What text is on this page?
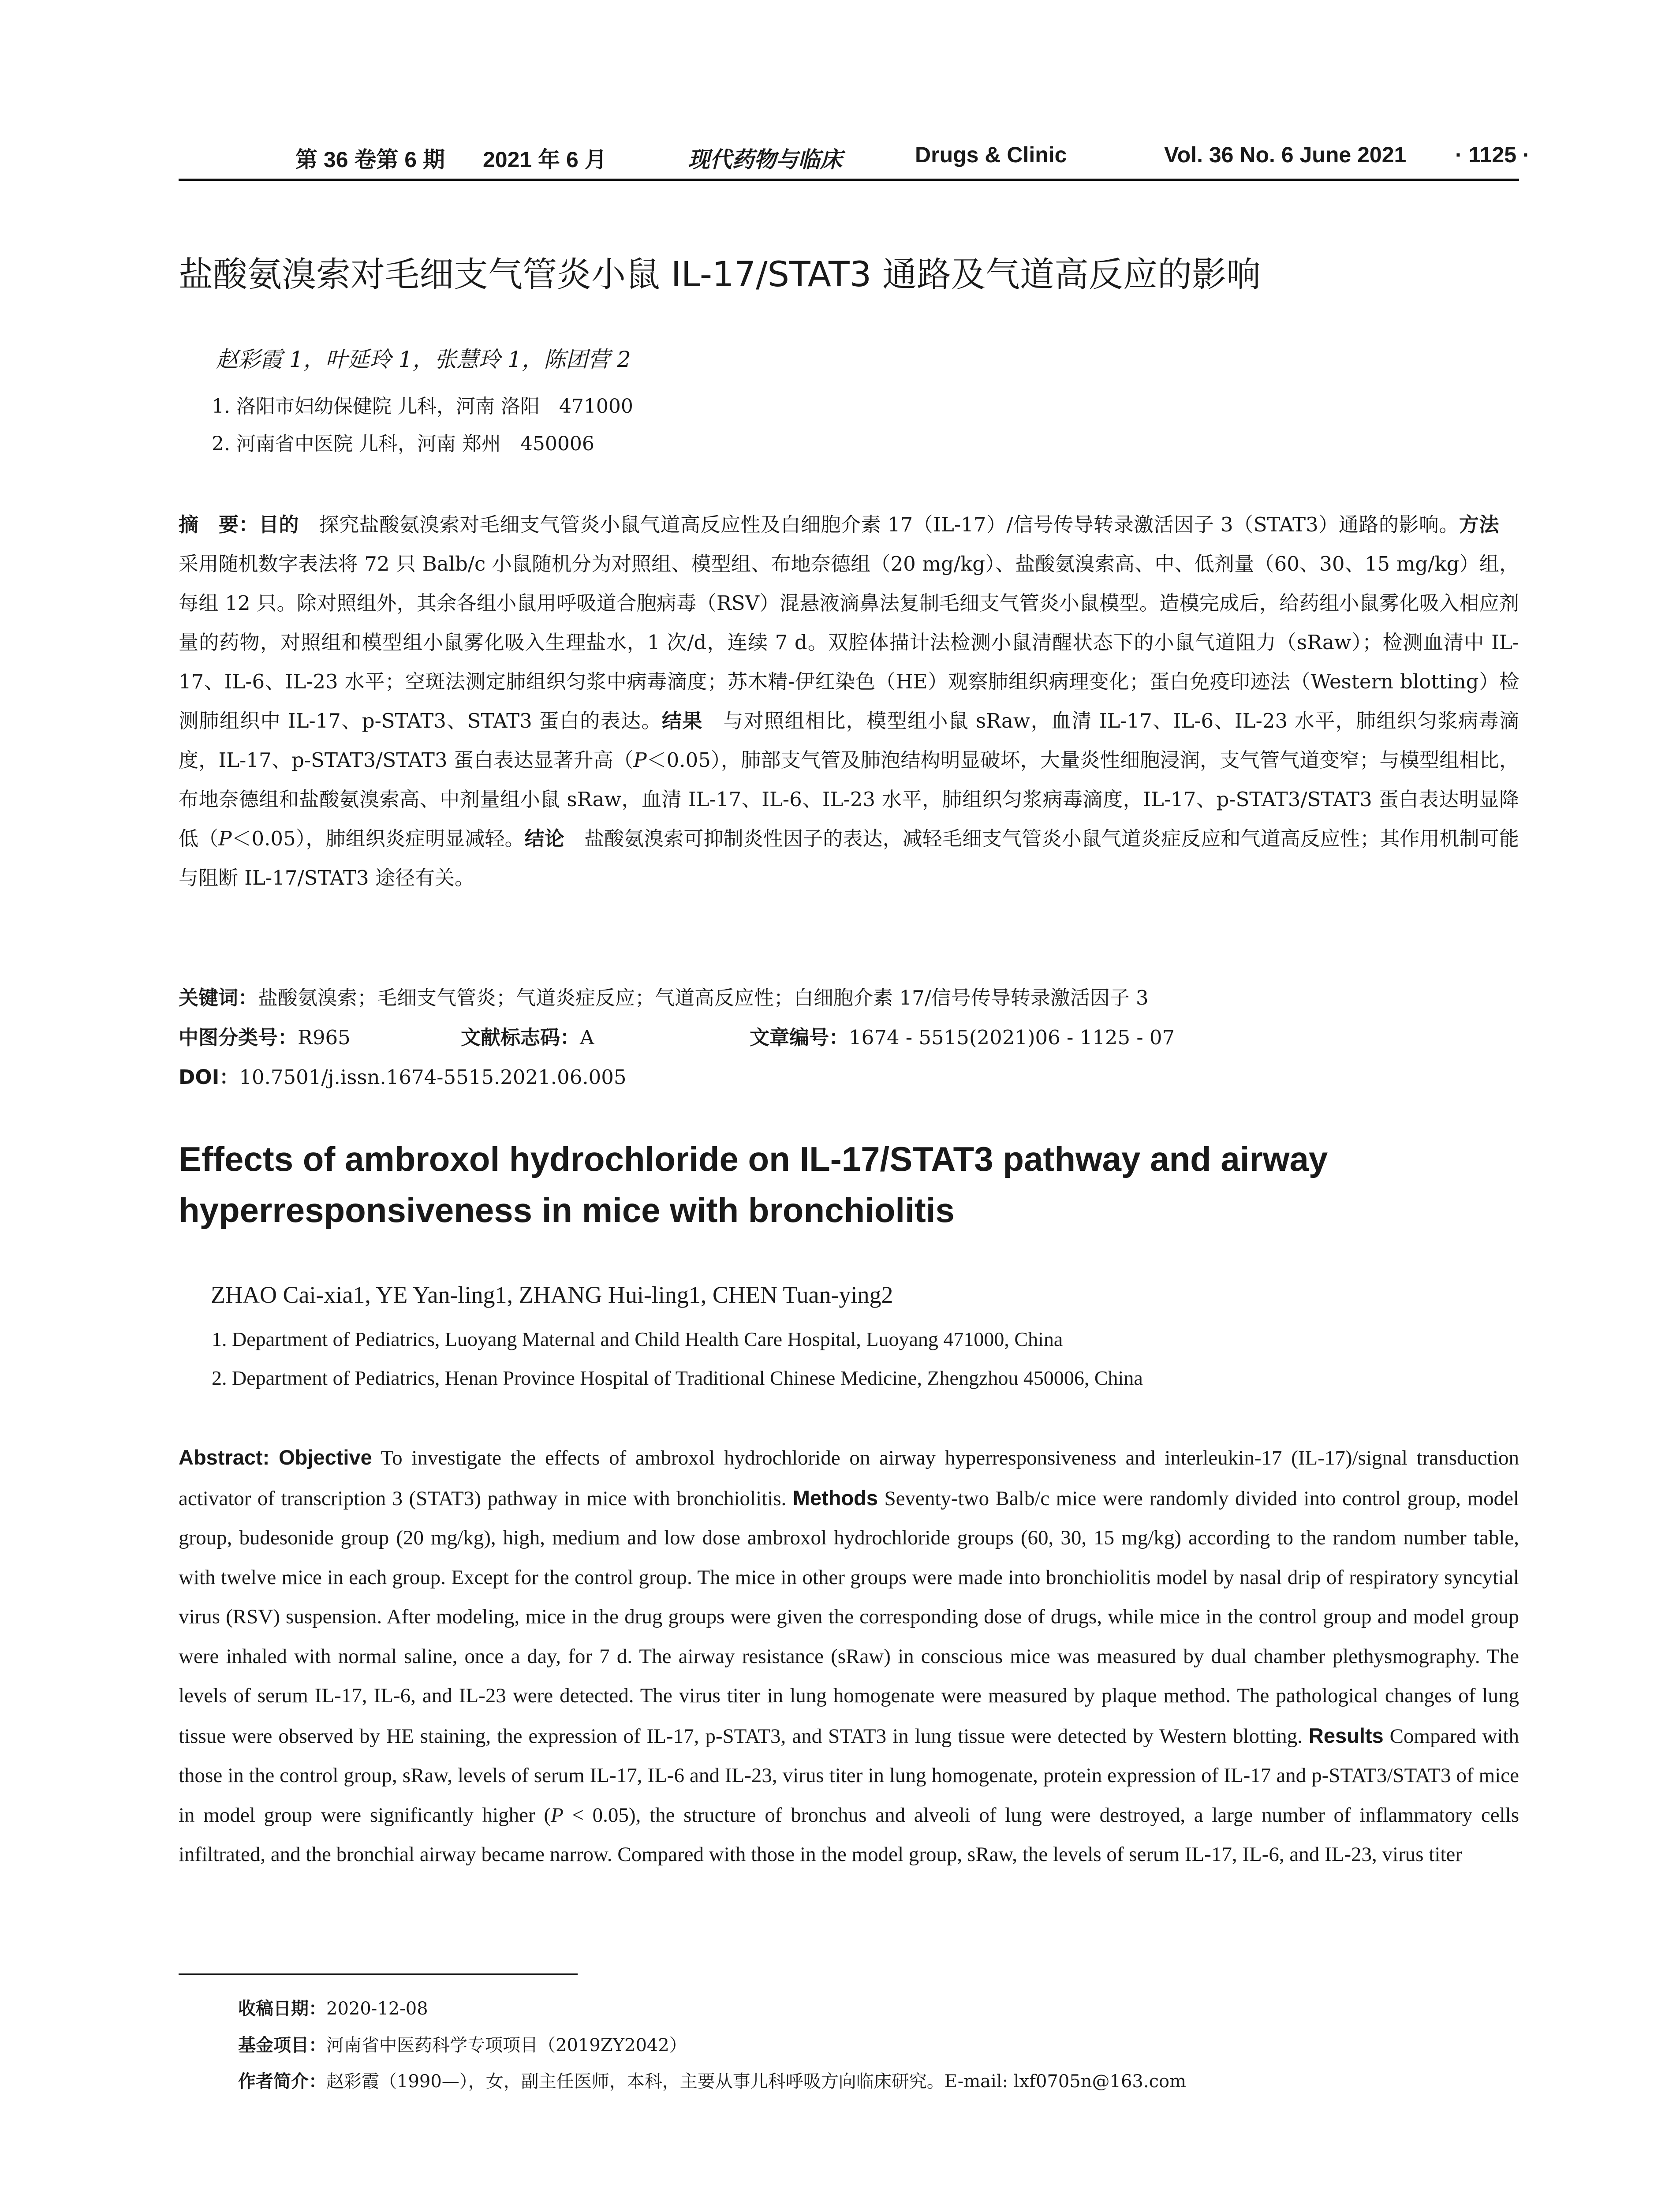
第 36 卷第 6 期 2021 年 6 月	现代药物与临床	Drugs & Clinic	Vol. 36 No. 6 June 2021 · 1125 ·
盐酸氨溴索对毛细支气管炎小鼠 IL-17/STAT3 通路及气道高反应的影响
赵彩霞 1，叶延玲 1，张慧玲 1，陈团营 2
1. 洛阳市妇幼保健院 儿科，河南 洛阳　471000
2. 河南省中医院 儿科，河南 郑州　450006
摘　要：目的　探究盐酸氨溴索对毛细支气管炎小鼠气道高反应性及白细胞介素 17（IL-17）/信号传导转录激活因子 3（STAT3）通路的影响。方法　采用随机数字表法将 72 只 Balb/c 小鼠随机分为对照组、模型组、布地奈德组（20 mg/kg）、盐酸氨溴索高、中、低剂量（60、30、15 mg/kg）组，每组 12 只。除对照组外，其余各组小鼠用呼吸道合胞病毒（RSV）混悬液滴鼻法复制毛细支气管炎小鼠模型。造模完成后，给药组小鼠雾化吸入相应剂量的药物，对照组和模型组小鼠雾化吸入生理盐水，1 次/d，连续 7 d。双腔体描计法检测小鼠清醒状态下的小鼠气道阻力（sRaw）；检测血清中 IL-17、IL-6、IL-23 水平；空斑法测定肺组织匀浆中病毒滴度；苏木精-伊红染色（HE）观察肺组织病理变化；蛋白免疫印迹法（Western blotting）检测肺组织中 IL-17、p-STAT3、STAT3 蛋白的表达。结果　与对照组相比，模型组小鼠 sRaw，血清 IL-17、IL-6、IL-23 水平，肺组织匀浆病毒滴度，IL-17、p-STAT3/STAT3 蛋白表达显著升高（P＜0.05），肺部支气管及肺泡结构明显破坏，大量炎性细胞浸润，支气管气道变窄；与模型组相比，布地奈德组和盐酸氨溴索高、中剂量组小鼠 sRaw，血清 IL-17、IL-6、IL-23 水平，肺组织匀浆病毒滴度，IL-17、p-STAT3/STAT3 蛋白表达明显降低（P＜0.05），肺组织炎症明显减轻。结论　盐酸氨溴索可抑制炎性因子的表达，减轻毛细支气管炎小鼠气道炎症反应和气道高反应性；其作用机制可能与阻断 IL-17/STAT3 途径有关。
关键词：盐酸氨溴索；毛细支气管炎；气道炎症反应；气道高反应性；白细胞介素 17/信号传导转录激活因子 3
中图分类号：R965	文献标志码：A	文章编号：1674 - 5515(2021)06 - 1125 - 07
DOI：10.7501/j.issn.1674-5515.2021.06.005
Effects of ambroxol hydrochloride on IL-17/STAT3 pathway and airway hyperresponsiveness in mice with bronchiolitis
ZHAO Cai-xia1, YE Yan-ling1, ZHANG Hui-ling1, CHEN Tuan-ying2
1. Department of Pediatrics, Luoyang Maternal and Child Health Care Hospital, Luoyang 471000, China
2. Department of Pediatrics, Henan Province Hospital of Traditional Chinese Medicine, Zhengzhou 450006, China
Abstract: Objective To investigate the effects of ambroxol hydrochloride on airway hyperresponsiveness and interleukin-17 (IL-17)/signal transduction activator of transcription 3 (STAT3) pathway in mice with bronchiolitis. Methods Seventy-two Balb/c mice were randomly divided into control group, model group, budesonide group (20 mg/kg), high, medium and low dose ambroxol hydrochloride groups (60, 30, 15 mg/kg) according to the random number table, with twelve mice in each group. Except for the control group. The mice in other groups were made into bronchiolitis model by nasal drip of respiratory syncytial virus (RSV) suspension. After modeling, mice in the drug groups were given the corresponding dose of drugs, while mice in the control group and model group were inhaled with normal saline, once a day, for 7 d. The airway resistance (sRaw) in conscious mice was measured by dual chamber plethysmography. The levels of serum IL-17, IL-6, and IL-23 were detected. The virus titer in lung homogenate were measured by plaque method. The pathological changes of lung tissue were observed by HE staining, the expression of IL-17, p-STAT3, and STAT3 in lung tissue were detected by Western blotting. Results Compared with those in the control group, sRaw, levels of serum IL-17, IL-6 and IL-23, virus titer in lung homogenate, protein expression of IL-17 and p-STAT3/STAT3 of mice in model group were significantly higher (P < 0.05), the structure of bronchus and alveoli of lung were destroyed, a large number of inflammatory cells infiltrated, and the bronchial airway became narrow. Compared with those in the model group, sRaw, the levels of serum IL-17, IL-6, and IL-23, virus titer
收稿日期：2020-12-08
基金项目：河南省中医药科学专项项目（2019ZY2042）
作者简介：赵彩霞（1990—），女，副主任医师，本科，主要从事儿科呼吸方向临床研究。E-mail: lxf0705n@163.com
